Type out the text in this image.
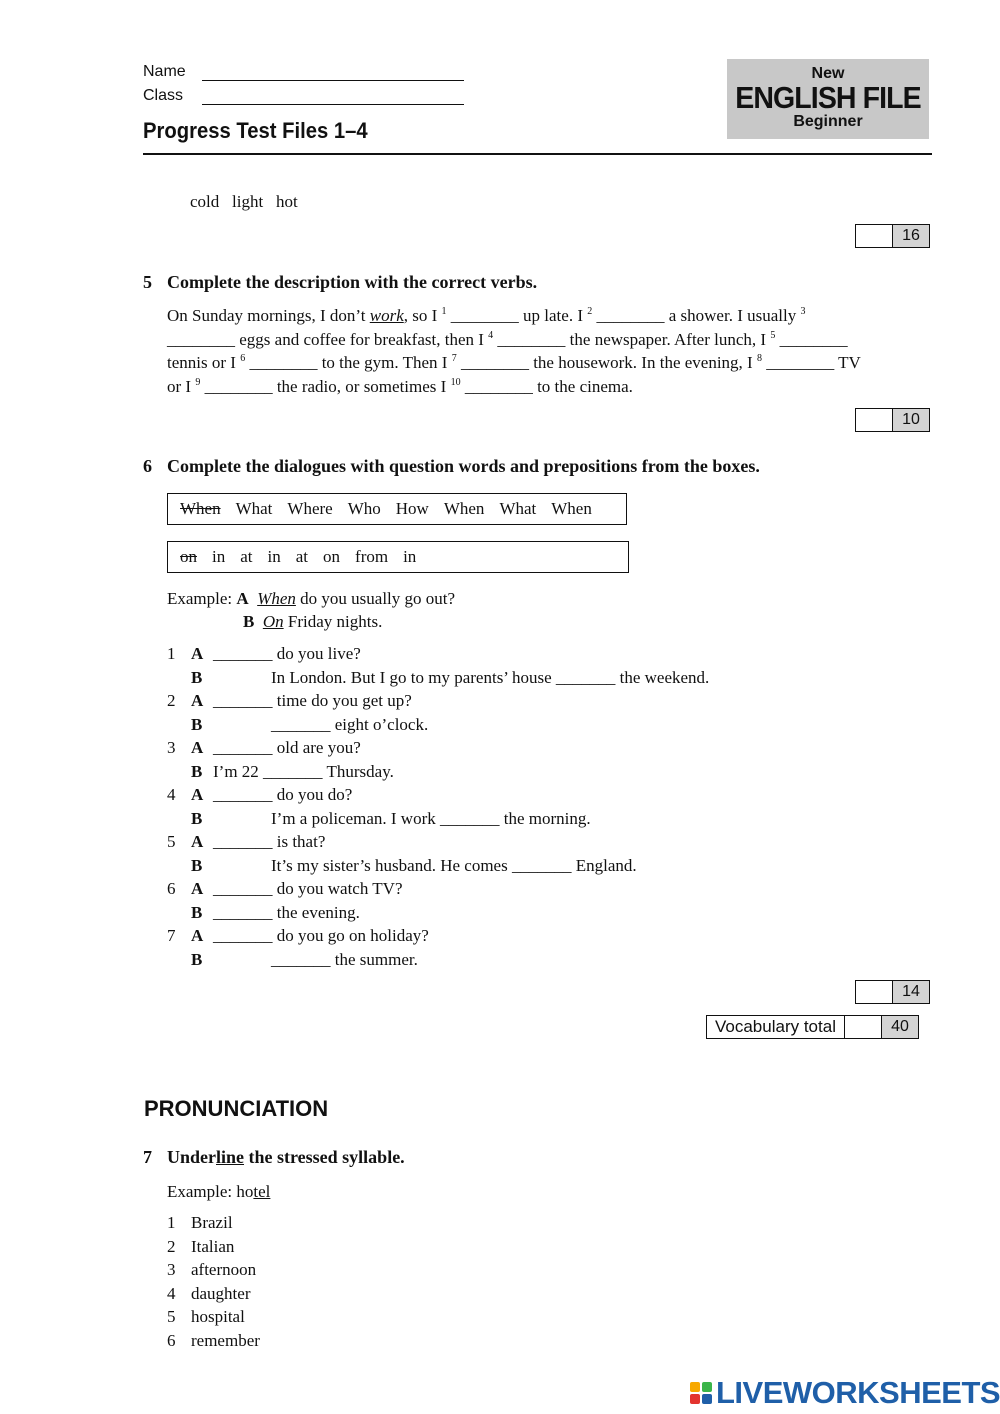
Name
Class
Progress Test Files 1–4
New
ENGLISH FILE
Beginner
cold   light   hot
16
5 Complete the description with the correct verbs.
On Sunday mornings, I don’t work, so I $^1$ ________ up late. I $^2$ ________ a shower. I usually $^3$
________ eggs and coffee for breakfast, then I $^4$ ________ the newspaper. After lunch, I $^5$ ________
tennis or I $^6$ ________ to the gym. Then I $^7$ ________ the housework. In the evening, I $^8$ ________ TV
or I $^9$ ________ the radio, or sometimes I $^{10}$ ________ to the cinema.
10
6 Complete the dialogues with question words and prepositions from the boxes.
When What Where Who How When What When
on in at in at on from in
Example: A When do you usually go out?
B On Friday nights.
1 A _______ do you live?
B	In London. But I go to my parents’ house _______ the weekend.
2 A _______ time do you get up?
B	_______ eight o’clock.
3 A _______ old are you?
B I’m 22 _______ Thursday.
4 A _______ do you do?
B	I’m a policeman. I work _______ the morning.
5 A _______ is that?
B	It’s my sister’s husband. He comes _______ England.
6 A _______ do you watch TV?
B _______ the evening.
7 A _______ do you go on holiday?
B	_______ the summer.
14
Vocabulary total	40
PRONUNCIATION
7 Underline the stressed syllable.
Example: hotel
1 Brazil
2 Italian
3 afternoon
4 daughter
5 hospital
6 remember
LIVEWORKSHEETS
